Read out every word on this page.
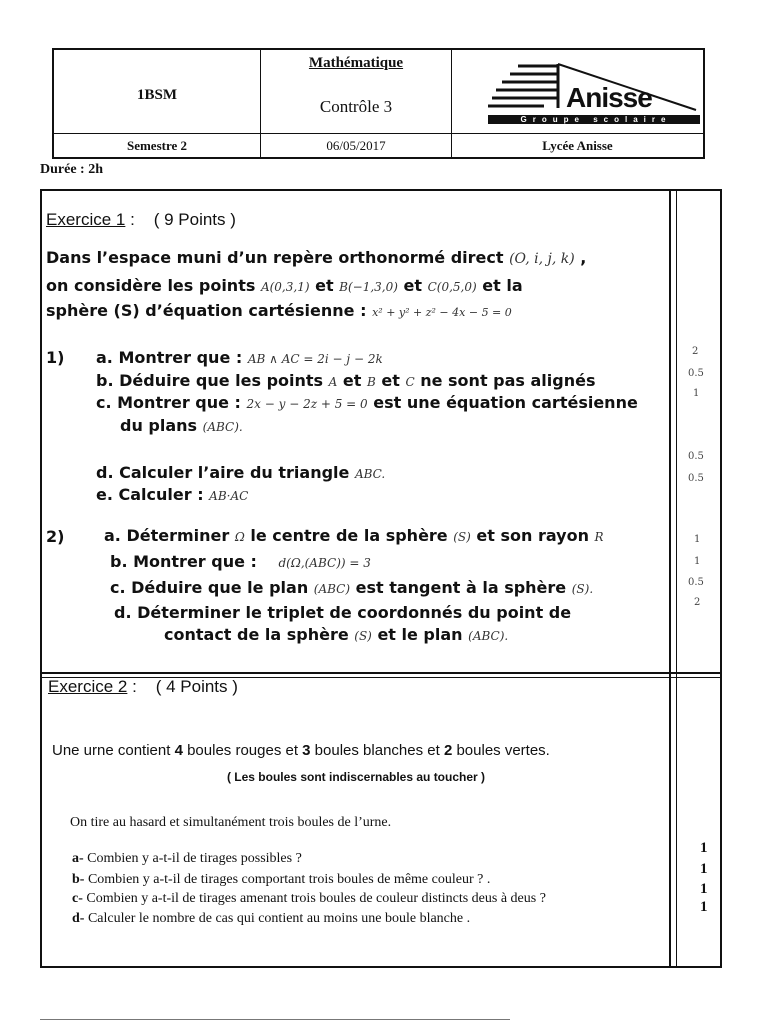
1BSM
Mathématique
Contrôle 3
Semestre 2	06/05/2017	Lycée Anisse
Anisse
Groupe scolaire
Durée : 2h
Exercice 1 :    ( 9 Points )
Dans l’espace muni d’un repère orthonormé direct (O, i, j, k) ,
on considère les points A(0,3,1) et B(−1,3,0) et C(0,5,0) et la
sphère (S) d’équation cartésienne : x² + y² + z² − 4x − 5 = 0
1) a. Montrer que : AB ∧ AC = 2i − j − 2k
b. Déduire que les points A et B et C ne sont pas alignés
c. Montrer que : 2x − y − 2z + 5 = 0 est une équation cartésienne
du plans (ABC).
d. Calculer l’aire du triangle ABC.
e. Calculer : AB·AC
2) a. Déterminer Ω le centre de la sphère (S) et son rayon R
b. Montrer que : d(Ω,(ABC)) = 3
c. Déduire que le plan (ABC) est tangent à la sphère (S).
d. Déterminer le triplet de coordonnés du point de
contact de la sphère (S) et le plan (ABC).
2
0.5
1
0.5
0.5
1
1
0.5
2
Exercice 2 :    ( 4 Points )
Une urne contient 4 boules rouges et 3 boules blanches et 2 boules vertes.
( Les boules sont indiscernables au toucher )
On tire au hasard et simultanément trois boules de l’urne.
a- Combien y a-t-il de tirages possibles ?
b- Combien y a-t-il de tirages comportant trois boules de même couleur ? .
c- Combien y a-t-il de tirages amenant trois boules de couleur distincts deus à deus ?
d- Calculer le nombre de cas qui contient au moins une boule blanche .
1
1
1
1
